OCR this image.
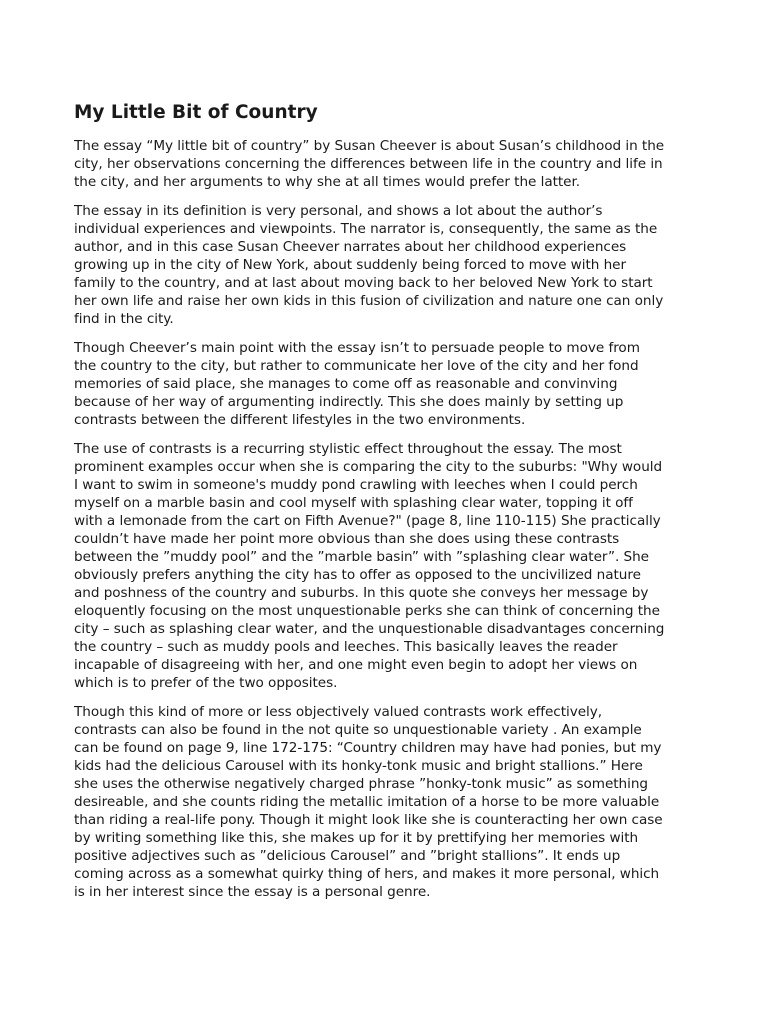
My Little Bit of Country

The essay “My little bit of country” by Susan Cheever is about Susan’s childhood in the
city, her observations concerning the differences between life in the country and life in
the city, and her arguments to why she at all times would prefer the latter.

The essay in its definition is very personal, and shows a lot about the author’s
individual experiences and viewpoints. The narrator is, consequently, the same as the
author, and in this case Susan Cheever narrates about her childhood experiences
growing up in the city of New York, about suddenly being forced to move with her
family to the country, and at last about moving back to her beloved New York to start
her own life and raise her own kids in this fusion of civilization and nature one can only
find in the city.

Though Cheever’s main point with the essay isn’t to persuade people to move from
the country to the city, but rather to communicate her love of the city and her fond
memories of said place, she manages to come off as reasonable and convinving
because of her way of argumenting indirectly. This she does mainly by setting up
contrasts between the different lifestyles in the two environments.

The use of contrasts is a recurring stylistic effect throughout the essay. The most
prominent examples occur when she is comparing the city to the suburbs: "Why would
I want to swim in someone's muddy pond crawling with leeches when I could perch
myself on a marble basin and cool myself with splashing clear water, topping it off
with a lemonade from the cart on Fifth Avenue?" (page 8, line 110-115) She practically
couldn’t have made her point more obvious than she does using these contrasts
between the ”muddy pool” and the ”marble basin” with ”splashing clear water”. She
obviously prefers anything the city has to offer as opposed to the uncivilized nature
and poshness of the country and suburbs. In this quote she conveys her message by
eloquently focusing on the most unquestionable perks she can think of concerning the
city – such as splashing clear water, and the unquestionable disadvantages concerning
the country – such as muddy pools and leeches. This basically leaves the reader
incapable of disagreeing with her, and one might even begin to adopt her views on
which is to prefer of the two opposites.

Though this kind of more or less objectively valued contrasts work effectively,
contrasts can also be found in the not quite so unquestionable variety . An example
can be found on page 9, line 172-175: “Country children may have had ponies, but my
kids had the delicious Carousel with its honky-tonk music and bright stallions.” Here
she uses the otherwise negatively charged phrase ”honky-tonk music” as something
desireable, and she counts riding the metallic imitation of a horse to be more valuable
than riding a real-life pony. Though it might look like she is counteracting her own case
by writing something like this, she makes up for it by prettifying her memories with
positive adjectives such as ”delicious Carousel” and ”bright stallions”. It ends up
coming across as a somewhat quirky thing of hers, and makes it more personal, which
is in her interest since the essay is a personal genre.
